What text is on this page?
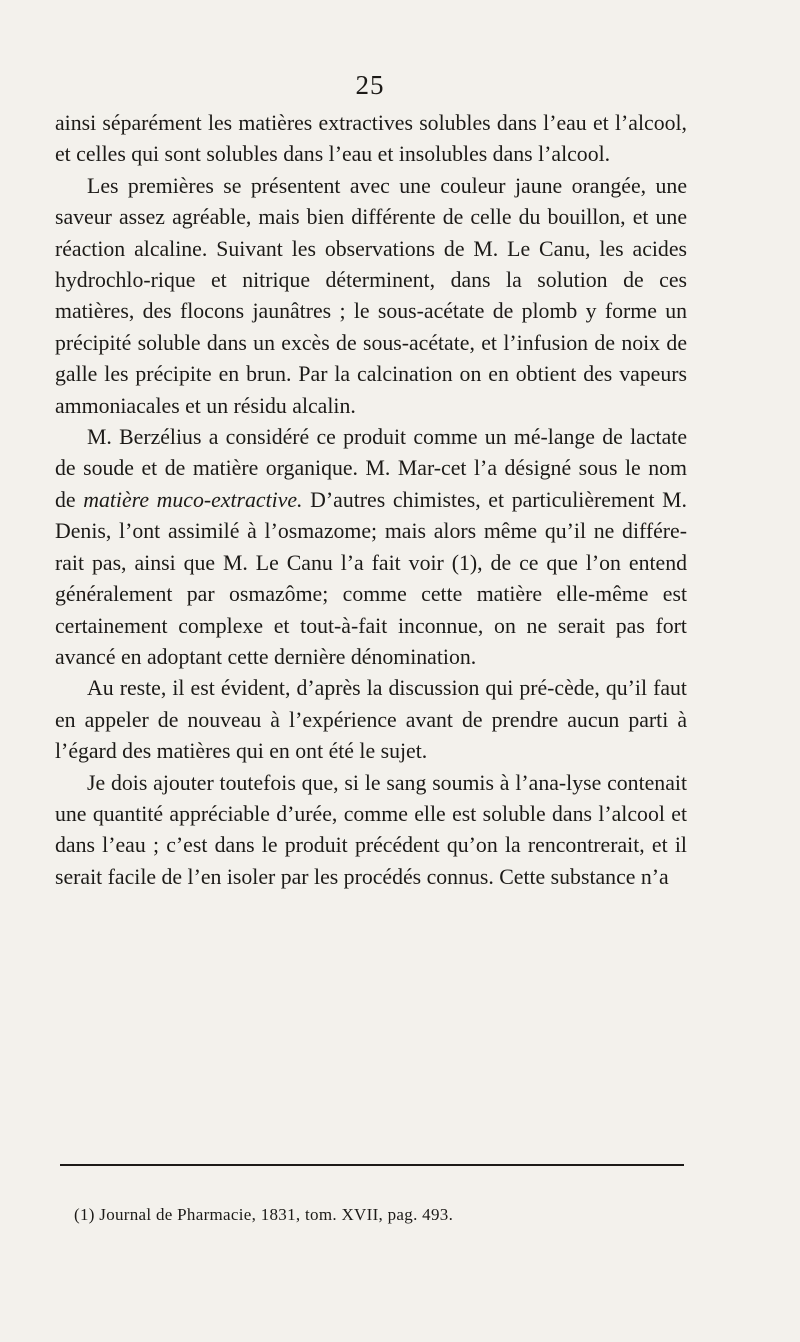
25

ainsi séparément les matières extractives solubles dans l’eau et l’alcool, et celles qui sont solubles dans l’eau et insolubles dans l’alcool.

Les premières se présentent avec une couleur jaune orangée, une saveur assez agréable, mais bien différente de celle du bouillon, et une réaction alcaline. Suivant les observations de M. Le Canu, les acides hydrochlo-rique et nitrique déterminent, dans la solution de ces matières, des flocons jaunâtres ; le sous-acétate de plomb y forme un précipité soluble dans un excès de sous-acétate, et l’infusion de noix de galle les précipite en brun. Par la calcination on en obtient des vapeurs ammoniacales et un résidu alcalin.

M. Berzélius a considéré ce produit comme un mé-lange de lactate de soude et de matière organique. M. Mar-cet l’a désigné sous le nom de matière muco-extractive. D’autres chimistes, et particulièrement M. Denis, l’ont assimilé à l’osmazome; mais alors même qu’il ne différe-rait pas, ainsi que M. Le Canu l’a fait voir (1), de ce que l’on entend généralement par osmazôme; comme cette matière elle-même est certainement complexe et tout-à-fait inconnue, on ne serait pas fort avancé en adoptant cette dernière dénomination.

Au reste, il est évident, d’après la discussion qui pré-cède, qu’il faut en appeler de nouveau à l’expérience avant de prendre aucun parti à l’égard des matières qui en ont été le sujet.

Je dois ajouter toutefois que, si le sang soumis à l’ana-lyse contenait une quantité appréciable d’urée, comme elle est soluble dans l’alcool et dans l’eau ; c’est dans le produit précédent qu’on la rencontrerait, et il serait facile de l’en isoler par les procédés connus. Cette substance n’a

(1) Journal de Pharmacie, 1831, tom. XVII, pag. 493.
